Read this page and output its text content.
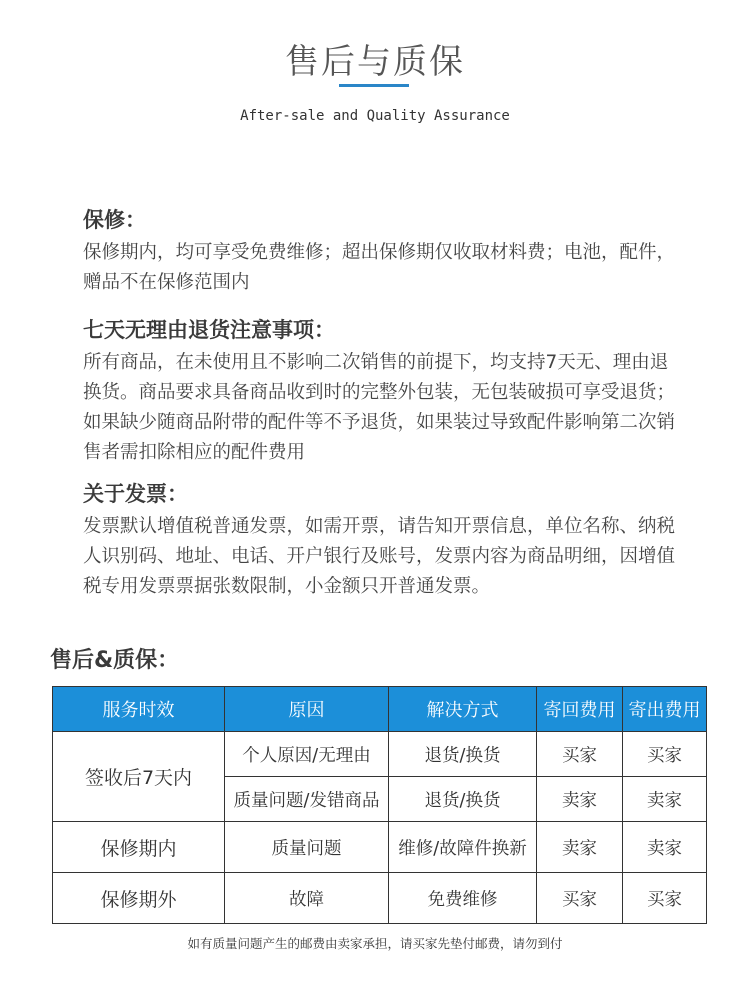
售后与质保
After-sale and Quality Assurance

保修：

保修期内，均可享受免费维修；超出保修期仅收取材料费；电池，配件，赠品不在保修范围内

七天无理由退货注意事项：

所有商品，在未使用且不影响二次销售的前提下，均支持7天无、理由退换货。商品要求具备商品收到时的完整外包装，无包装破损可享受退货；如果缺少随商品附带的配件等不予退货，如果装过导致配件影响第二次销售者需扣除相应的配件费用

关于发票：

发票默认增值税普通发票，如需开票，请告知开票信息，单位名称、纳税人识别码、地址、电话、开户银行及账号，发票内容为商品明细，因增值税专用发票票据张数限制，小金额只开普通发票。

售后&质保：
服务时效	原因	解决方式	寄回费用	寄出费用
签收后7天内	个人原因/无理由	退货/换货	买家	买家
	质量问题/发错商品	退货/换货	卖家	卖家
保修期内	质量问题	维修/故障件换新	卖家	卖家
保修期外	故障	免费维修	买家	买家
如有质量问题产生的邮费由卖家承担，请买家先垫付邮费，请勿到付
